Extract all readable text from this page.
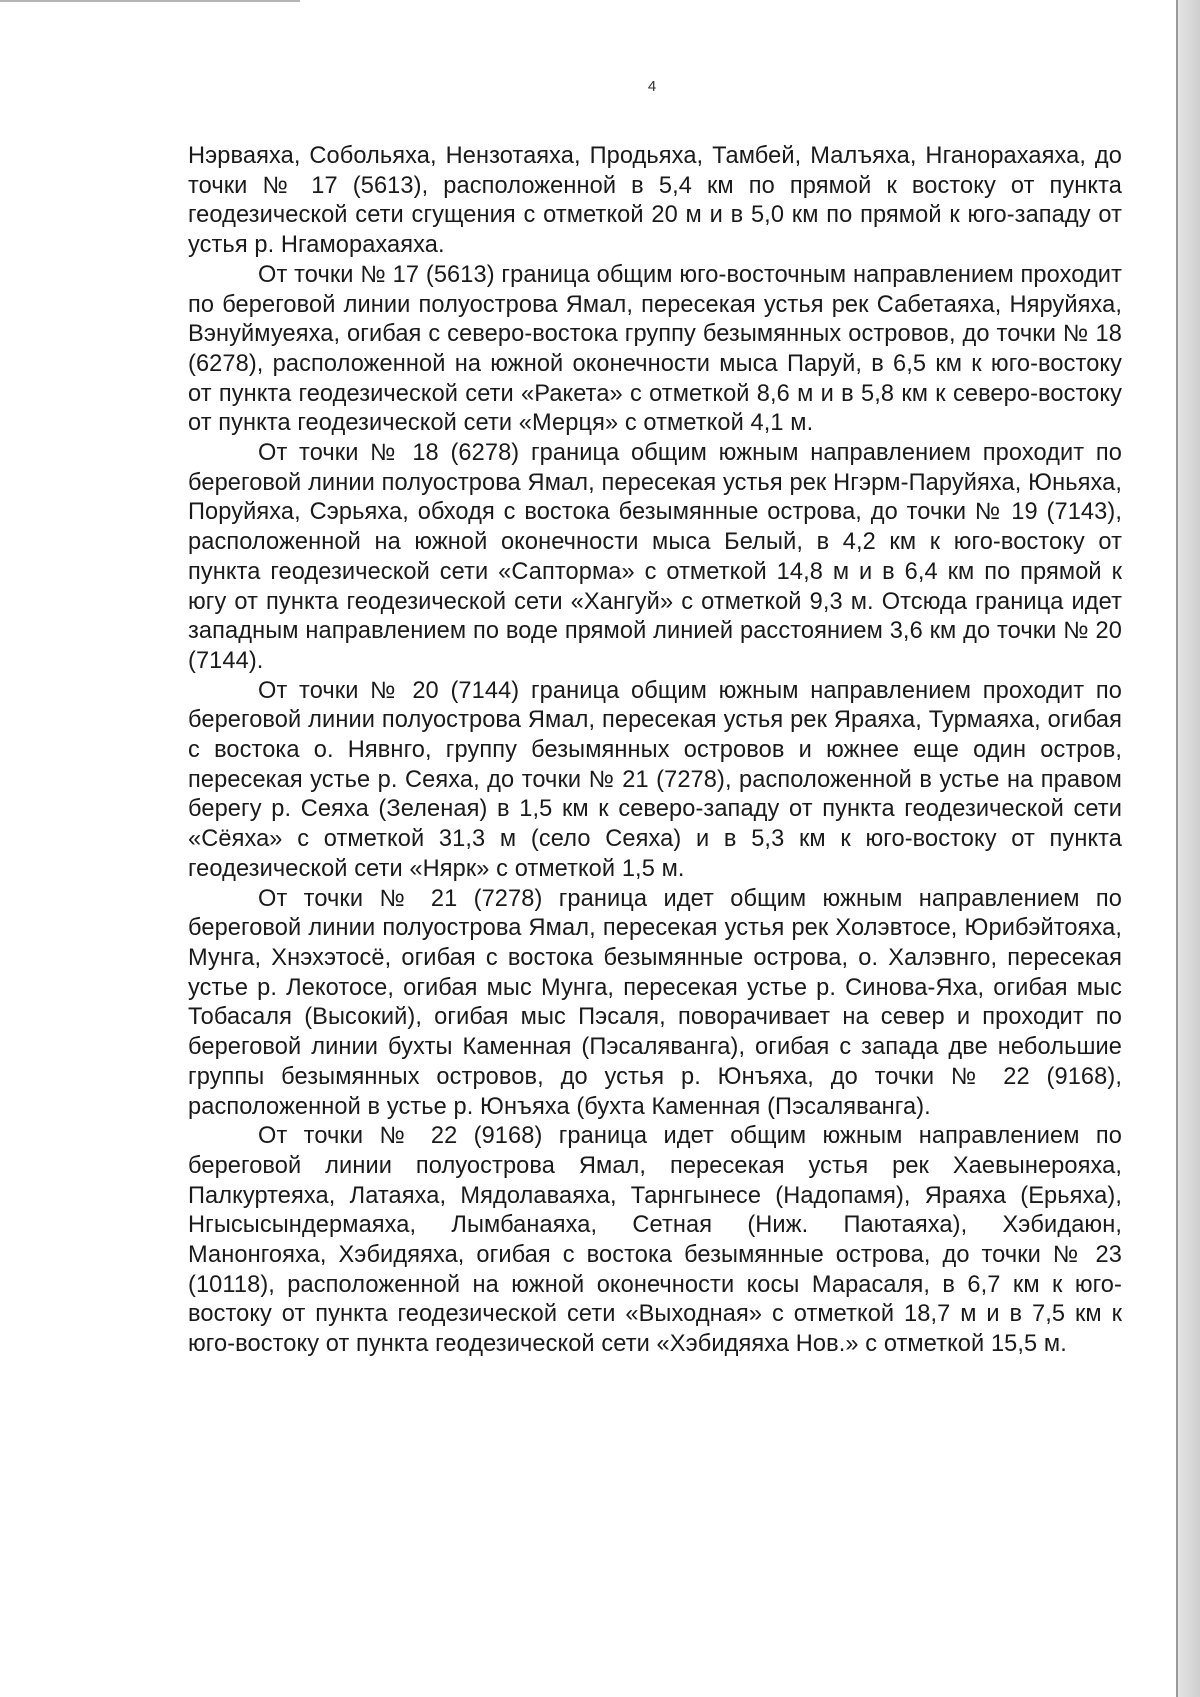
4

Нэрваяха, Собольяха, Нензотаяха, Продьяха, Тамбей, Малъяха, Нганорахаяха, до точки № 17 (5613), расположенной в 5,4 км по прямой к востоку от пункта геодезической сети сгущения с отметкой 20 м и в 5,0 км по прямой к юго-западу от устья р. Нгаморахаяха.

От точки № 17 (5613) граница общим юго-восточным направлением проходит по береговой линии полуострова Ямал, пересекая устья рек Сабетаяха, Няруйяха, Вэнуймуеяха, огибая с северо-востока группу безымянных островов, до точки № 18 (6278), расположенной на южной оконечности мыса Паруй, в 6,5 км к юго-востоку от пункта геодезической сети «Ракета» с отметкой 8,6 м и в 5,8 км к северо-востоку от пункта геодезической сети «Мерця» с отметкой 4,1 м.

От точки № 18 (6278) граница общим южным направлением проходит по береговой линии полуострова Ямал, пересекая устья рек Нгэрм-Паруйяха, Юньяха, Поруйяха, Сэрьяха, обходя с востока безымянные острова, до точки № 19 (7143), расположенной на южной оконечности мыса Белый, в 4,2 км к юго-востоку от пункта геодезической сети «Сапторма» с отметкой 14,8 м и в 6,4 км по прямой к югу от пункта геодезической сети «Хангуй» с отметкой 9,3 м. Отсюда граница идет западным направлением по воде прямой линией расстоянием 3,6 км до точки № 20 (7144).

От точки № 20 (7144) граница общим южным направлением проходит по береговой линии полуострова Ямал, пересекая устья рек Яраяха, Турмаяха, огибая с востока о. Нявнго, группу безымянных островов и южнее еще один остров, пересекая устье р. Сеяха, до точки № 21 (7278), расположенной в устье на правом берегу р. Сеяха (Зеленая) в 1,5 км к северо-западу от пункта геодезической сети «Сёяха» с отметкой 31,3 м (село Сеяха) и в 5,3 км к юго-востоку от пункта геодезической сети «Нярк» с отметкой 1,5 м.

От точки № 21 (7278) граница идет общим южным направлением по береговой линии полуострова Ямал, пересекая устья рек Холэвтосе, Юрибэйтояха, Мунга, Хнэхэтосё, огибая с востока безымянные острова, о. Халэвнго, пересекая устье р. Лекотосе, огибая мыс Мунга, пересекая устье р. Синова-Яха, огибая мыс Тобасаля (Высокий), огибая мыс Пэсаля, поворачивает на север и проходит по береговой линии бухты Каменная (Пэсаляванга), огибая с запада две небольшие группы безымянных островов, до устья р. Юнъяха, до точки № 22 (9168), расположенной в устье р. Юнъяха (бухта Каменная (Пэсаляванга).

От точки № 22 (9168) граница идет общим южным направлением по береговой линии полуострова Ямал, пересекая устья рек Хаевынерояха, Палкуртеяха, Латаяха, Мядолаваяха, Тарнгынесе (Надопамя), Яраяха (Ерьяха), Нгысысындермаяха, Лымбанаяха, Сетная (Ниж. Паютаяха), Хэбидаюн, Манонгояха, Хэбидяяха, огибая с востока безымянные острова, до точки № 23 (10118), расположенной на южной оконечности косы Марасаля, в 6,7 км к юго-востоку от пункта геодезической сети «Выходная» с отметкой 18,7 м и в 7,5 км к юго-востоку от пункта геодезической сети «Хэбидяяха Нов.» с отметкой 15,5 м.
